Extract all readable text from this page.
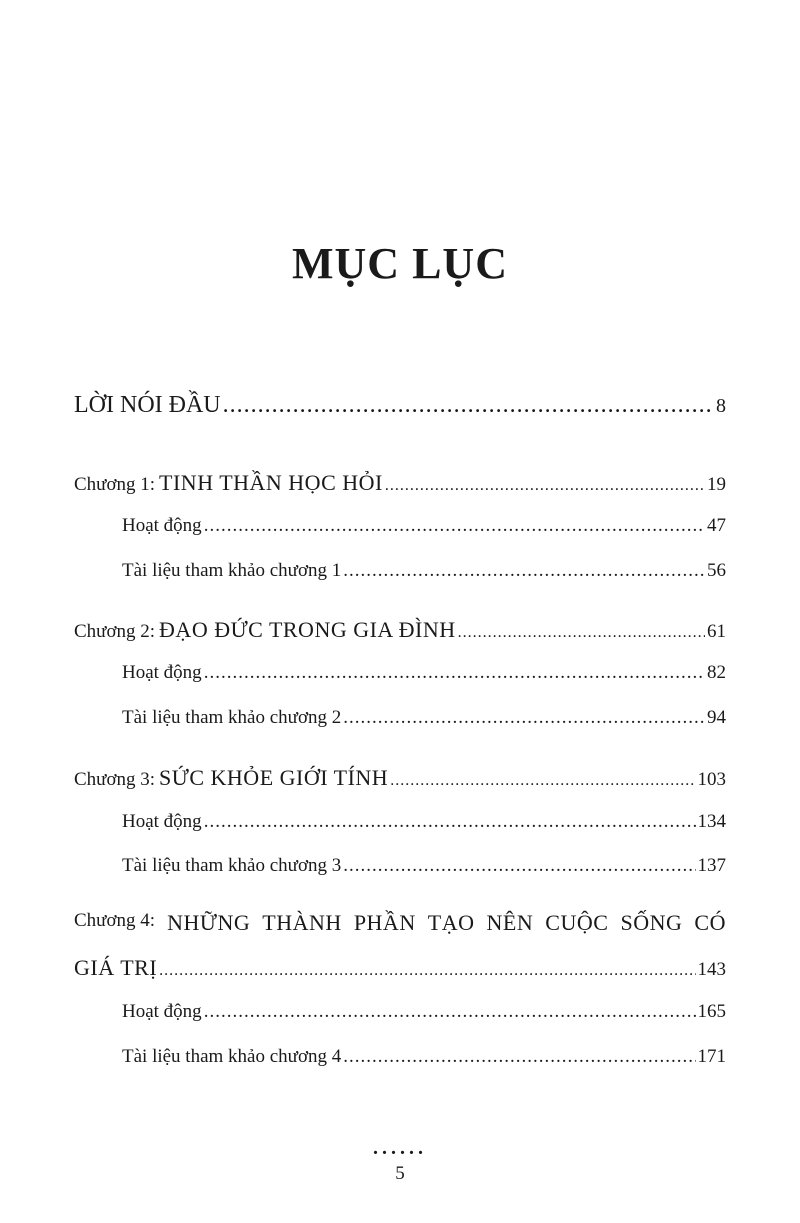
MỤC LỤC
LỜI NÓI ĐẦU .....	8
Chương 1:
TINH THẦN HỌC HỎI .....	19
Hoạt động .....	47
Tài liệu tham khảo chương 1 .....	56
Chương 2:
ĐẠO ĐỨC TRONG GIA ĐÌNH .....	61
Hoạt động .....	82
Tài liệu tham khảo chương 2 .....	94
Chương 3:
SỨC KHỎE GIỚI TÍNH .....	103
Hoạt động .....	134
Tài liệu tham khảo chương 3 .....	137
Chương 4: NHỮNG THÀNH PHẦN TẠO NÊN CUỘC SỐNG CÓ
GIÁ TRỊ .....	143
Hoạt động .....	165
Tài liệu tham khảo chương 4 .....	171
......
5
